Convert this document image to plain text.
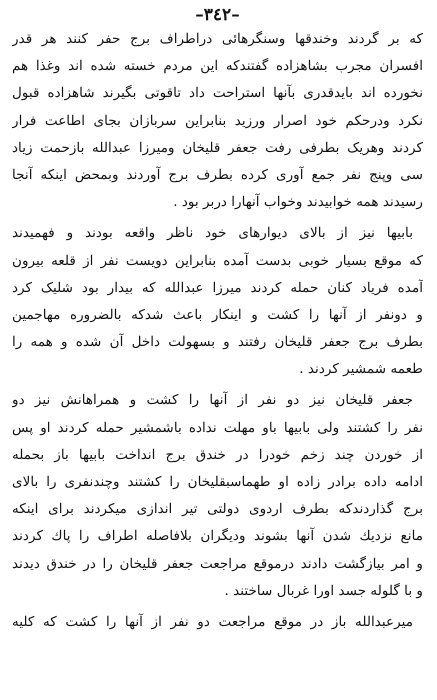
–٣٤٢–
که بر گردند وخندقها وسنگرهائی دراطراف برج حفر کنند هر قدر
افسران مجرب بشاهزاده گفتندکه این مردم خسته شده اند وغذا هم
نخورده اند بایدقدری بآنها استراحت داد تاقوتی بگیرند شاهزاده قبول
نکرد ودرحکم خود اصرار ورزید بنابراین سربازان بجای اطاعت فرار
کردند وهریک بطرفی رفت جعفر قلیخان ومیرزا عبدالله بازحمت زیاد
سی وپنج نفر جمع آوری کرده بطرف برج آوردند وبمحض اینکه آنجا
رسیدند همه خوابیدند وخواب آنهارا دربر بود .
بابیها نیز از بالای دیوارهای خود ناظر واقعه بودند و فهمیدند
که موقع بسیار خوبی بدست آمده بنابراین دویست نفر از قلعه بیرون
آمده فریاد کنان حمله کردند میرزا عبدالله که بیدار بود شلیک کرد
و دونفر از آنها را کشت و اینکار باعث شدکه بالضروره مهاجمین
بطرف برج جعفر قلیخان رفتند و بسهولت داخل آن شده و همه را
طعمه شمشیر کردند .
جعفر قلیخان نیز دو نفر از آنها را کشت و همراهانش نیز دو
نفر را کشتند ولی بابیها باو مهلت نداده باشمشیر حمله کردند او پس
از خوردن چند زخم خودرا در خندق برج انداخت بابیها باز بحمله
ادامه داده برادر زاده او طهماسبقلیخان را کشتند وچندنفری را بالای
برج گذاردندکه بطرف اردوی دولتی تیر اندازی میکردند برای اینکه
مانع نزدیك شدن آنها بشوند ودیگران بلافاصله اطراف را پاك کردند
و امر بیازگشت دادند درموقع مراجعت جعفر قلیخان را در خندق دیدند
و با گلوله جسد اورا غربال ساختند .
میرعبدالله باز در موقع مراجعت دو نفر از آنها را کشت که کلیه
